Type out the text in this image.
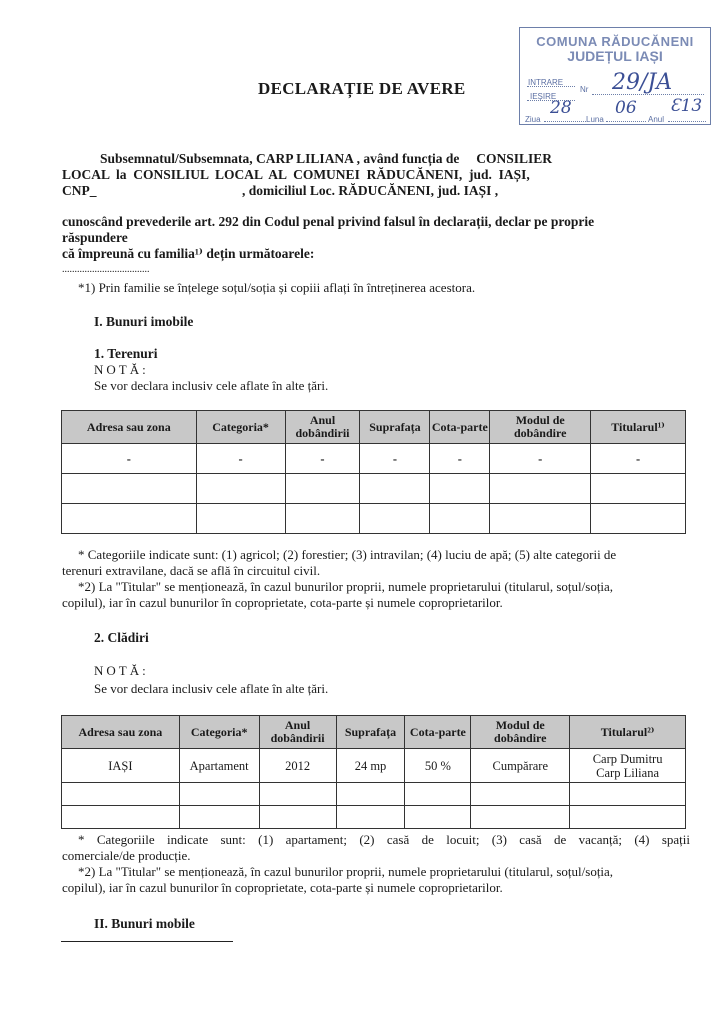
DECLARAȚIE DE AVERE
COMUNA RĂDUCĂNENI
JUDEȚUL IAȘI
INTRARE
IEȘIRE
Nr 29/JA
28	06 Ɛ13
Ziua	Luna	Anul
Subsemnatul/Subsemnata, CARP LILIANA , având funcția de     CONSILIER
LOCAL  la  CONSILIUL  LOCAL  AL  COMUNEI  RĂDUCĂNENI,  jud.  IAȘI,
CNP_	, domiciliul Loc. RĂDUCĂNENI, jud. IAȘI ,
cunoscând prevederile art. 292 din Codul penal privind falsul în declarații, declar pe proprie
răspundere
că împreună cu familia¹⁾ dețin următoarele:
...................................
*1) Prin familie se înțelege soțul/soția și copiii aflați în întreținerea acestora.
I. Bunuri imobile
1. Terenuri
NOTĂ:
Se vor declara inclusiv cele aflate în alte țări.
Adresa sau zona	Categoria*	Anul dobândirii	Suprafața	Cota-parte	Modul de dobândire	Titularul¹⁾
-	-	-	-	-	-	-

* Categoriile indicate sunt: (1) agricol; (2) forestier; (3) intravilan; (4) luciu de apă; (5) alte categorii de
terenuri extravilane, dacă se află în circuitul civil.
*2) La "Titular" se menționează, în cazul bunurilor proprii, numele proprietarului (titularul, soțul/soția,
copilul), iar în cazul bunurilor în coproprietate, cota-parte și numele coproprietarilor.
2. Clădiri
NOTĂ:
Se vor declara inclusiv cele aflate în alte țări.
Adresa sau zona	Categoria*	Anul dobândirii	Suprafața	Cota-parte	Modul de dobândire	Titularul²⁾
IAȘI	Apartament	2012	24 mp	50 %	Cumpărare	Carp Dumitru
Carp Liliana

* Categoriile indicate sunt: (1) apartament; (2) casă de locuit; (3) casă de vacanță; (4) spații
comerciale/de producție.
*2) La "Titular" se menționează, în cazul bunurilor proprii, numele proprietarului (titularul, soțul/soția,
copilul), iar în cazul bunurilor în coproprietate, cota-parte și numele coproprietarilor.
II. Bunuri mobile
